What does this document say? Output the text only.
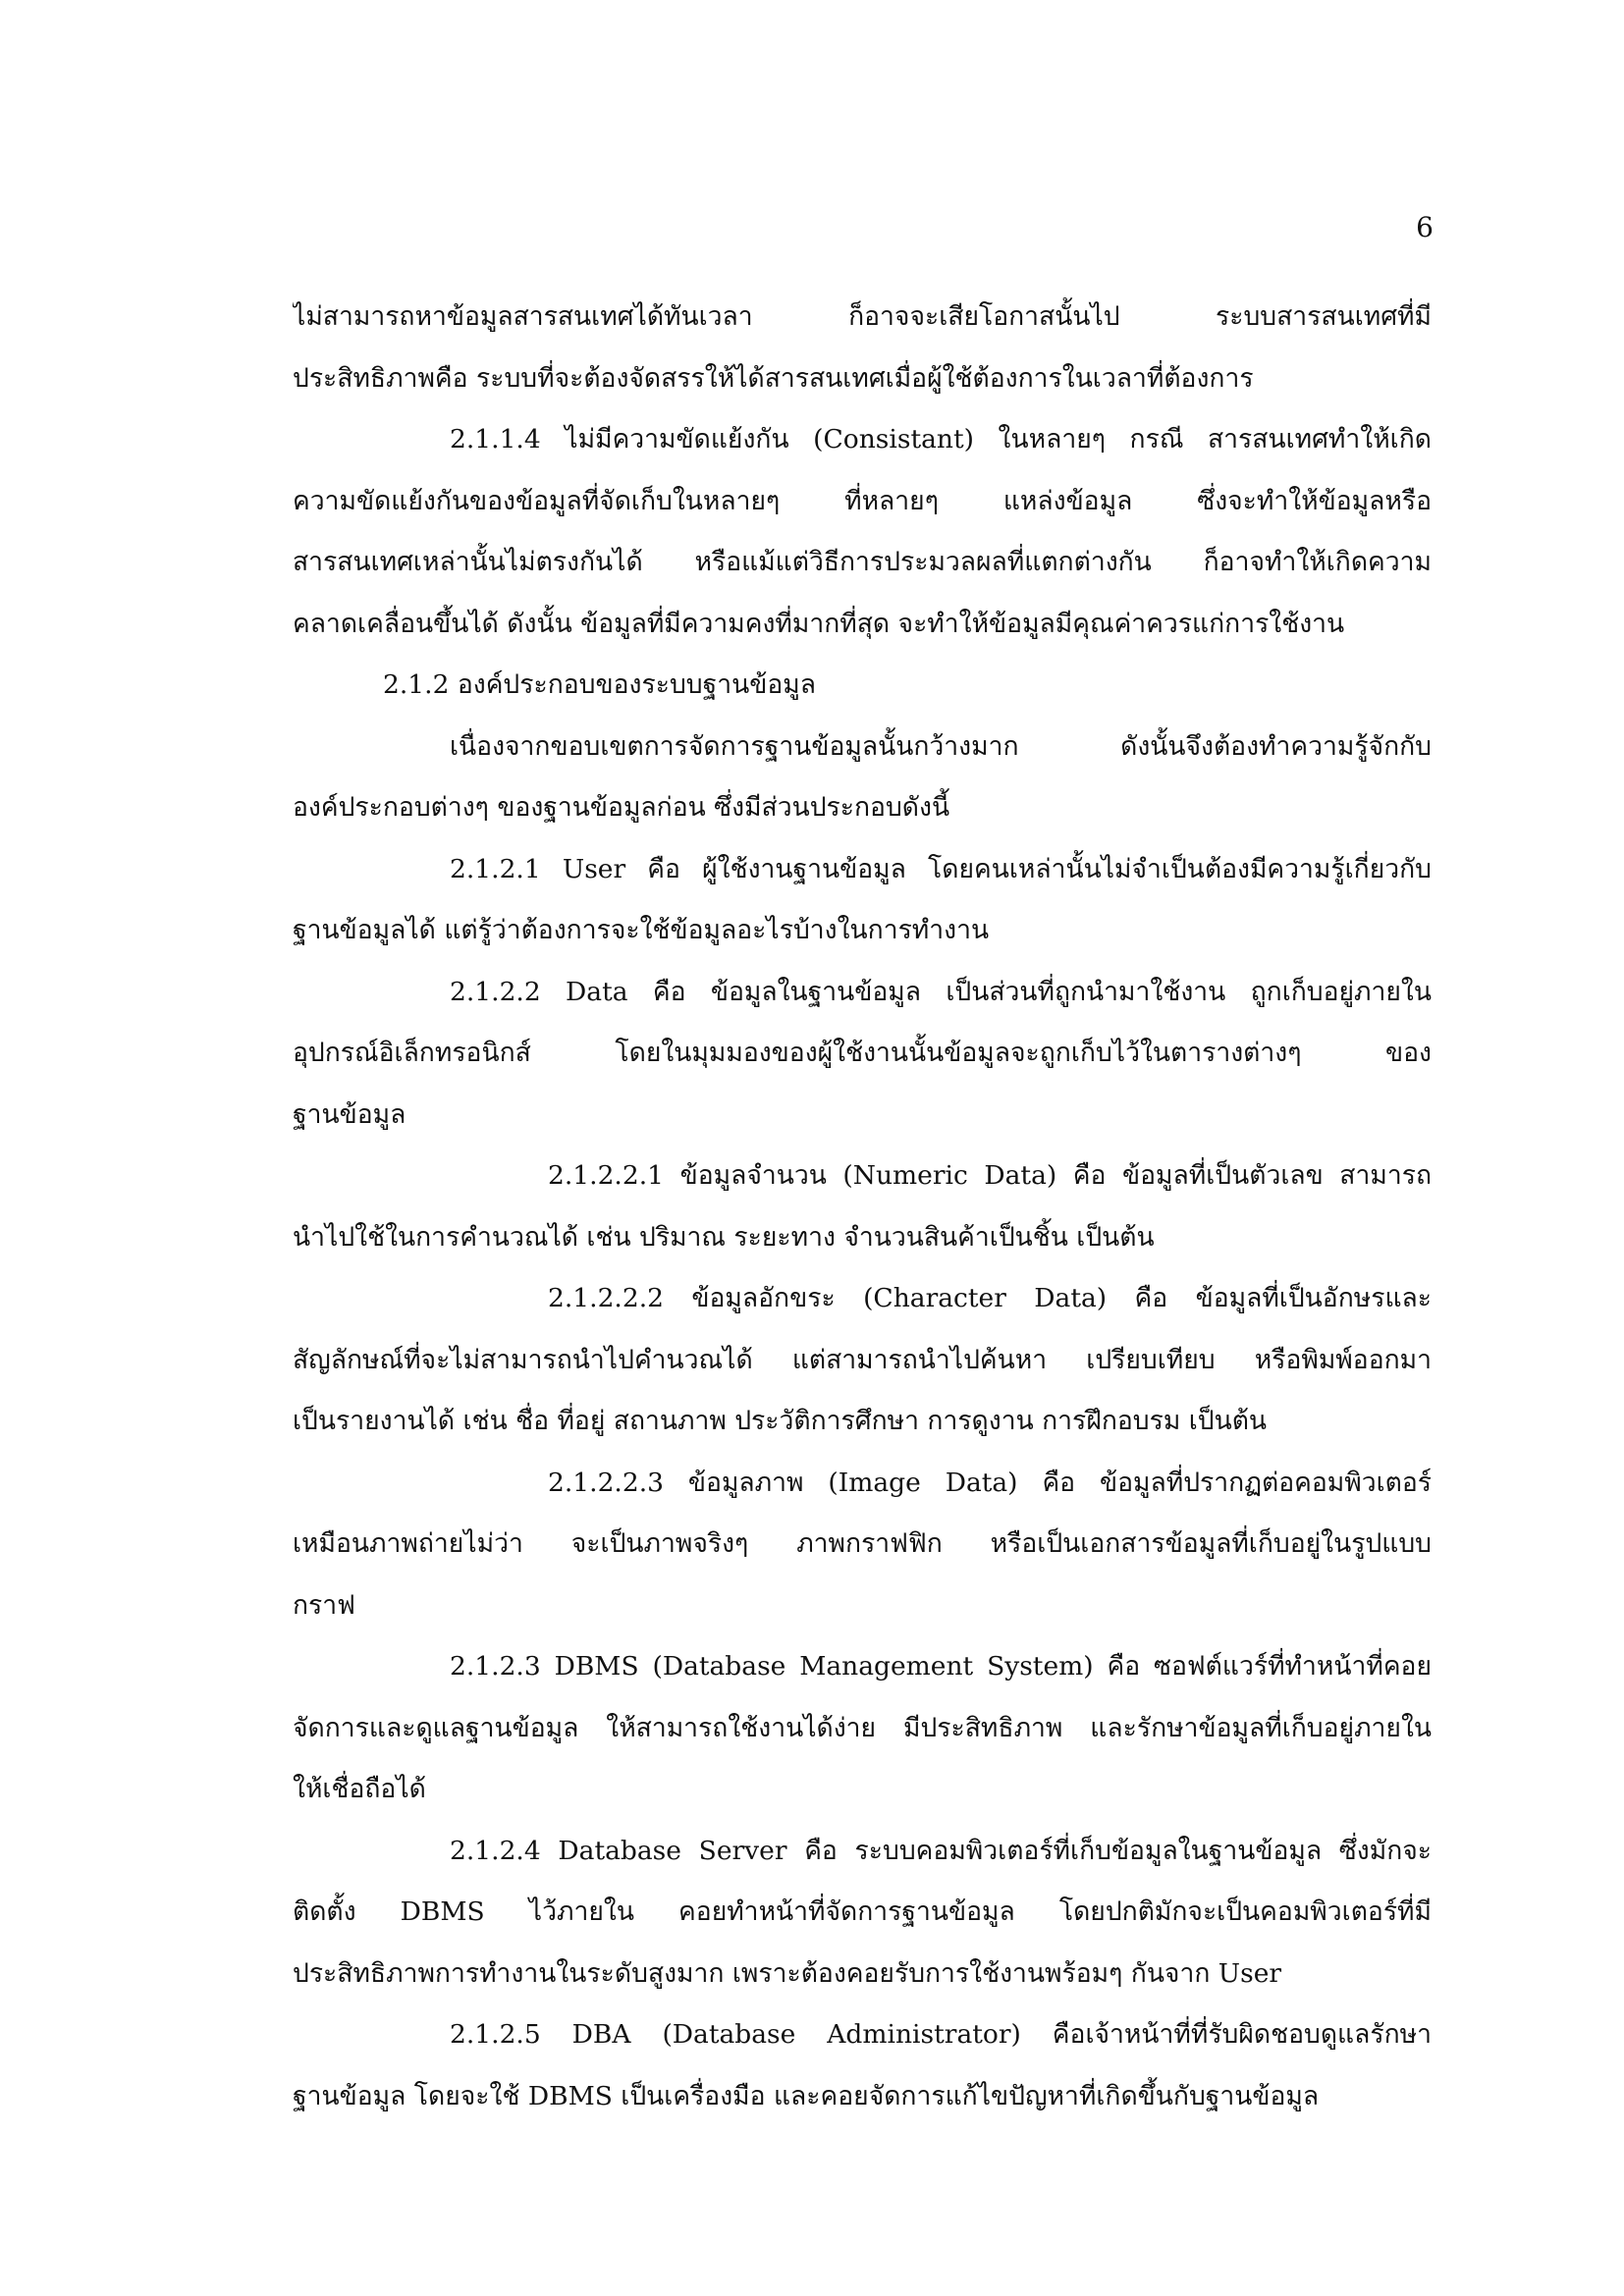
6
ไม่สามารถหาข้อมูลสารสนเทศได้ทันเวลา ก็อาจจะเสียโอกาสนั้นไป ระบบสารสนเทศที่มี
ประสิทธิภาพคือ ระบบที่จะต้องจัดสรรให้ได้สารสนเทศเมื่อผู้ใช้ต้องการในเวลาที่ต้องการ
2.1.1.4 ไม่มีความขัดแย้งกัน (Consistant) ในหลายๆ กรณี สารสนเทศทำให้เกิด
ความขัดแย้งกันของข้อมูลที่จัดเก็บในหลายๆ ที่หลายๆ แหล่งข้อมูล ซึ่งจะทำให้ข้อมูลหรือ
สารสนเทศเหล่านั้นไม่ตรงกันได้ หรือแม้แต่วิธีการประมวลผลที่แตกต่างกัน ก็อาจทำให้เกิดความ
คลาดเคลื่อนขึ้นได้ ดังนั้น ข้อมูลที่มีความคงที่มากที่สุด จะทำให้ข้อมูลมีคุณค่าควรแก่การใช้งาน
2.1.2 องค์ประกอบของระบบฐานข้อมูล
เนื่องจากขอบเขตการจัดการฐานข้อมูลนั้นกว้างมาก ดังนั้นจึงต้องทำความรู้จักกับ
องค์ประกอบต่างๆ ของฐานข้อมูลก่อน ซึ่งมีส่วนประกอบดังนี้
2.1.2.1 User คือ ผู้ใช้งานฐานข้อมูล โดยคนเหล่านั้นไม่จำเป็นต้องมีความรู้เกี่ยวกับ
ฐานข้อมูลได้ แต่รู้ว่าต้องการจะใช้ข้อมูลอะไรบ้างในการทำงาน
2.1.2.2 Data คือ ข้อมูลในฐานข้อมูล เป็นส่วนที่ถูกนำมาใช้งาน ถูกเก็บอยู่ภายใน
อุปกรณ์อิเล็กทรอนิกส์ โดยในมุมมองของผู้ใช้งานนั้นข้อมูลจะถูกเก็บไว้ในตารางต่างๆ ของ
ฐานข้อมูล
2.1.2.2.1 ข้อมูลจำนวน (Numeric Data) คือ ข้อมูลที่เป็นตัวเลข สามารถ
นำไปใช้ในการคำนวณได้ เช่น ปริมาณ ระยะทาง จำนวนสินค้าเป็นชิ้น เป็นต้น
2.1.2.2.2 ข้อมูลอักขระ (Character Data) คือ ข้อมูลที่เป็นอักษรและ
สัญลักษณ์ที่จะไม่สามารถนำไปคำนวณได้ แต่สามารถนำไปค้นหา เปรียบเทียบ หรือพิมพ์ออกมา
เป็นรายงานได้ เช่น ชื่อ ที่อยู่ สถานภาพ ประวัติการศึกษา การดูงาน การฝึกอบรม เป็นต้น
2.1.2.2.3 ข้อมูลภาพ (Image Data) คือ ข้อมูลที่ปรากฏต่อคอมพิวเตอร์
เหมือนภาพถ่ายไม่ว่า จะเป็นภาพจริงๆ ภาพกราฟฟิก หรือเป็นเอกสารข้อมูลที่เก็บอยู่ในรูปแบบ
กราฟ
2.1.2.3 DBMS (Database Management System) คือ ซอฟต์แวร์ที่ทำหน้าที่คอย
จัดการและดูแลฐานข้อมูล ให้สามารถใช้งานได้ง่าย มีประสิทธิภาพ และรักษาข้อมูลที่เก็บอยู่ภายใน
ให้เชื่อถือได้
2.1.2.4 Database Server คือ ระบบคอมพิวเตอร์ที่เก็บข้อมูลในฐานข้อมูล ซึ่งมักจะ
ติดตั้ง DBMS ไว้ภายใน คอยทำหน้าที่จัดการฐานข้อมูล โดยปกติมักจะเป็นคอมพิวเตอร์ที่มี
ประสิทธิภาพการทำงานในระดับสูงมาก เพราะต้องคอยรับการใช้งานพร้อมๆ กันจาก User
2.1.2.5 DBA (Database Administrator) คือเจ้าหน้าที่ที่รับผิดชอบดูแลรักษา
ฐานข้อมูล โดยจะใช้ DBMS เป็นเครื่องมือ และคอยจัดการแก้ไขปัญหาที่เกิดขึ้นกับฐานข้อมูล
